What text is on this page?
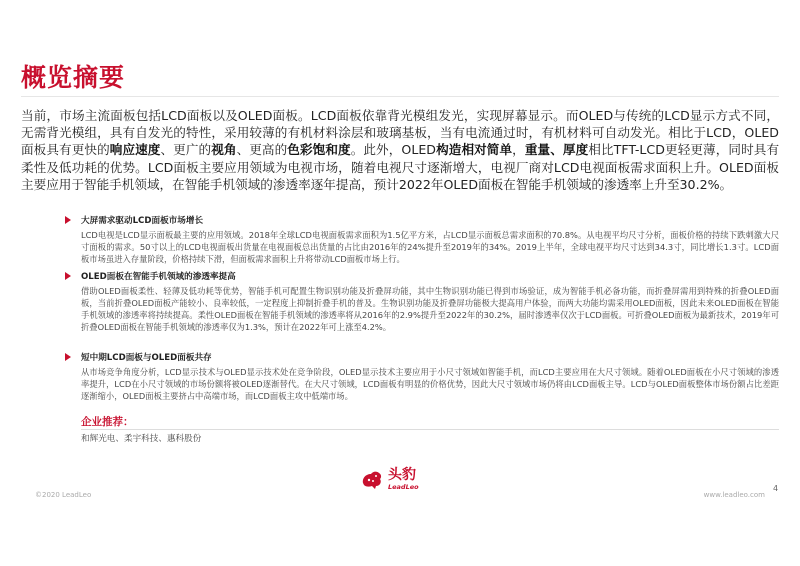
概览摘要

当前，市场主流面板包括LCD面板以及OLED面板。LCD面板依靠背光模组发光，实现屏幕显示。而OLED与传统的LCD显示方式不同，无需背光模组，具有自发光的特性，采用较薄的有机材料涂层和玻璃基板，当有电流通过时，有机材料可自动发光。相比于LCD，OLED面板具有更快的响应速度、更广的视角、更高的色彩饱和度。此外，OLED构造相对简单，重量、厚度相比TFT-LCD更轻更薄，同时具有柔性及低功耗的优势。LCD面板主要应用领域为电视市场，随着电视尺寸逐渐增大，电视厂商对LCD电视面板需求面积上升。OLED面板主要应用于智能手机领域，在智能手机领域的渗透率逐年提高，预计2022年OLED面板在智能手机领域的渗透率上升至30.2%。

大屏需求驱动LCD面板市场增长

LCD电视是LCD显示面板最主要的应用领域。2018年全球LCD电视面板需求面积为1.5亿平方米，占LCD显示面板总需求面积的70.8%。从电视平均尺寸分析，面板价格的持续下跌刺激大尺寸面板的需求。50寸以上的LCD电视面板出货量在电视面板总出货量的占比由2016年的24%提升至2019年的34%。2019上半年，全球电视平均尺寸达到34.3寸，同比增长1.3寸。LCD面板市场虽进入存量阶段，价格持续下滑，但面板需求面积上升将带动LCD面板市场上行。

OLED面板在智能手机领域的渗透率提高

借助OLED面板柔性、轻薄及低功耗等优势，智能手机可配置生物识别功能及折叠屏功能，其中生物识别功能已得到市场验证，成为智能手机必备功能，而折叠屏需用到特殊的折叠OLED面板，当前折叠OLED面板产能较小、良率较低，一定程度上抑制折叠手机的普及。生物识别功能及折叠屏功能极大提高用户体验，而两大功能均需采用OLED面板，因此未来OLED面板在智能手机领域的渗透率将持续提高。柔性OLED面板在智能手机领域的渗透率将从2016年的2.9%提升至2022年的30.2%，届时渗透率仅次于LCD面板。可折叠OLED面板为最新技术，2019年可折叠OLED面板在智能手机领域的渗透率仅为1.3%，预计在2022年可上涨至4.2%。

短中期LCD面板与OLED面板共存

从市场竞争角度分析，LCD显示技术与OLED显示技术处在竞争阶段，OLED显示技术主要应用于小尺寸领域如智能手机，而LCD主要应用在大尺寸领域。随着OLED面板在小尺寸领域的渗透率提升，LCD在小尺寸领域的市场份额将被OLED逐渐替代。在大尺寸领域，LCD面板有明显的价格优势，因此大尺寸领域市场仍将由LCD面板主导。LCD与OLED面板整体市场份额占比差距逐渐缩小，OLED面板主要挤占中高端市场，而LCD面板主攻中低端市场。

企业推荐：
和辉光电、柔宇科技、惠科股份
©2020 LeadLeo
头豹
LeadLeo	4
www.leadleo.com
